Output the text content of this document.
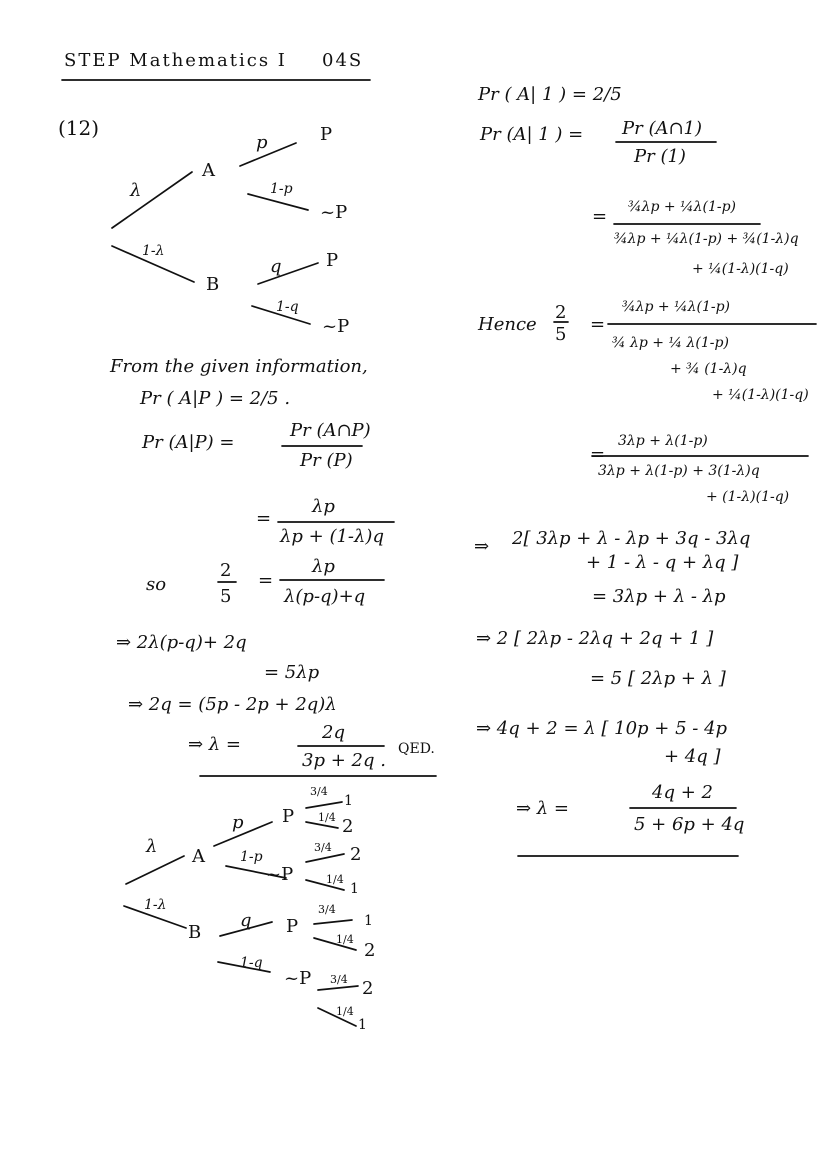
STEP Mathematics I 04S
(12)
λ
1-λ
A
B
p	P
1-p
~P
q P
1-q
~P
From the given information,
Pr ( A|P ) = 2/5 .
Pr (A|P) =
Pr (A∩P)
Pr (P)
=
λp
λp + (1-λ)q
so
2
5
=
λp
λ(p-q)+q
⇒ 2λ(p-q)+ 2q
= 5λp
⇒ 2q = (5p - 2p + 2q)λ
⇒ λ =
2q
3p + 2q .
QED.
λ
1-λ
A
B
p P
1-p
~P
q P
1-q
~P
3/4
1
1/4 2
3/4 2
1/4
1
3/4
1
1/4
2
3/4 2
1/4
1
Pr ( A| 1 ) = 2/5
Pr (A| 1 ) = Pr (A∩1)
Pr (1)
= ¾λp + ¼λ(1-p)
¾λp + ¼λ(1-p) + ¾(1-λ)q
+ ¼(1-λ)(1-q)
Hence
2
5 =
¾λp + ¼λ(1-p)
¾ λp + ¼ λ(1-p)
+ ¾ (1-λ)q
+ ¼(1-λ)(1-q)
=
3λp + λ(1-p)
3λp + λ(1-p) + 3(1-λ)q
+ (1-λ)(1-q)
⇒ 2[ 3λp + λ - λp + 3q - 3λq
+ 1 - λ - q + λq ]
= 3λp + λ - λp
⇒ 2 [ 2λp - 2λq + 2q + 1 ]
= 5 [ 2λp + λ ]
⇒ 4q + 2 = λ [ 10p + 5 - 4p
+ 4q ]
⇒ λ =
4q + 2
5 + 6p + 4q
